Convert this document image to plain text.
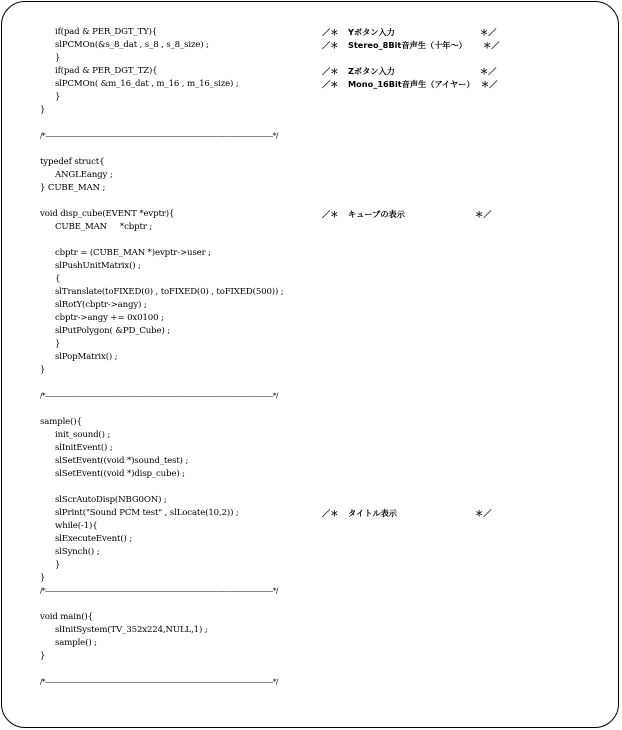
if(pad & PER_DGT_TY){
slPCMOn(&s_8_dat , s_8 , s_8_size) ;
}
if(pad & PER_DGT_TZ){
slPCMOn( &m_16_dat , m_16 , m_16_size) ;
}
}
/*—————————————————————————————————*/
typedef struct{
ANGLEangy ;
} CUBE_MAN ;
void disp_cube(EVENT *evptr){
CUBE_MAN     *cbptr ;
cbptr = (CUBE_MAN *)evptr->user ;
slPushUnitMatrix() ;
{
slTranslate(toFIXED(0) , toFIXED(0) , toFIXED(500)) ;
slRotY(cbptr->angy) ;
cbptr->angy += 0x0100 ;
slPutPolygon( &PD_Cube) ;
}
slPopMatrix() ;
}
/*—————————————————————————————————*/
sample(){
init_sound() ;
slInitEvent() ;
slSetEvent((void *)sound_test) ;
slSetEvent((void *)disp_cube) ;
slScrAutoDisp(NBG0ON) ;
slPrint("Sound PCM test" , slLocate(10,2)) ;
while(-1){
slExecuteEvent() ;
slSynch() ;
}
}
/*—————————————————————————————————*/
void main(){
slInitSystem(TV_352x224,NULL,1) ;
sample() ;
}
/*—————————————————————————————————*/
／＊ Yボタン入力	＊／
／＊ Stereo_8Bit音声生（十年～） ＊／
／＊ Zボタン入力	＊／
／＊ Mono_16Bit音声生（アイヤー） ＊／
／＊ キューブの表示	＊／
／＊ タイトル表示	＊／
